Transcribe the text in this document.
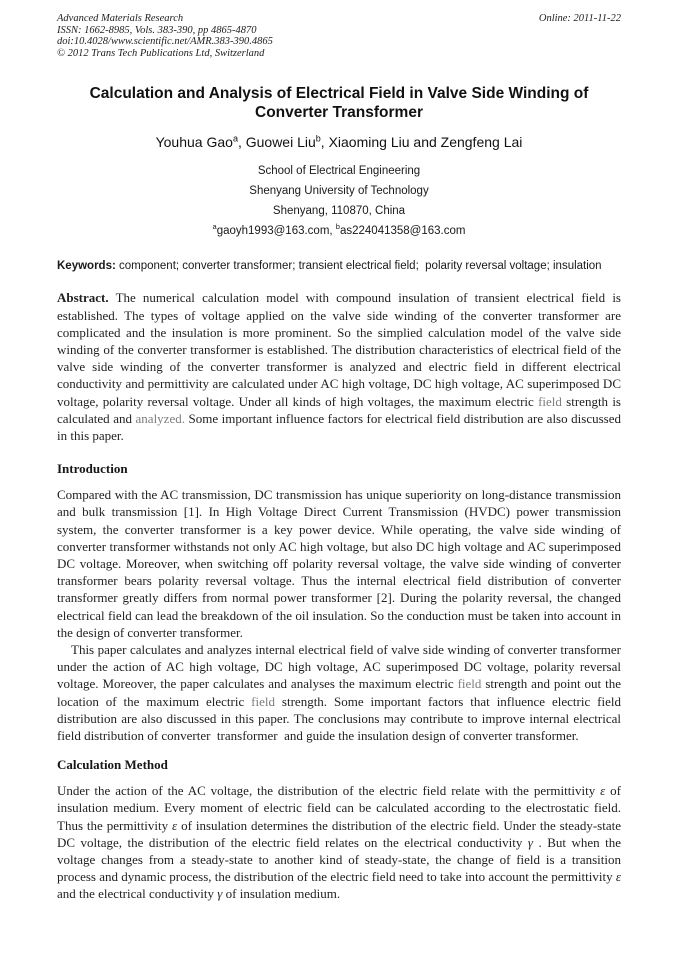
Advanced Materials Research
ISSN: 1662-8985, Vols. 383-390, pp 4865-4870
doi:10.4028/www.scientific.net/AMR.383-390.4865
© 2012 Trans Tech Publications Ltd, Switzerland
Online: 2011-11-22
Calculation and Analysis of Electrical Field in Valve Side Winding of Converter Transformer
Youhua Gao$^a$, Guowei Liu$^b$, Xiaoming Liu and Zengfeng Lai
School of Electrical Engineering
Shenyang University of Technology
Shenyang, 110870, China
$^a$gaoyh1993@163.com, $^b$as224041358@163.com

Keywords: component; converter transformer; transient electrical field;  polarity reversal voltage; insulation

Abstract. The numerical calculation model with compound insulation of transient electrical field is established. The types of voltage applied on the valve side winding of the converter transformer are complicated and the insulation is more prominent. So the simplied calculation model of the valve side winding of the converter transformer is established. The distribution characteristics of electrical field of the valve side winding of the converter transformer is analyzed and electric field in different electrical conductivity and permittivity are calculated under AC high voltage, DC high voltage, AC superimposed DC voltage, polarity reversal voltage. Under all kinds of high voltages, the maximum electric field strength is calculated and analyzed. Some important influence factors for electrical field distribution are also discussed in this paper.

Introduction

Compared with the AC transmission, DC transmission has unique superiority on long-distance transmission and bulk transmission [1]. In High Voltage Direct Current Transmission (HVDC) power transmission system, the converter transformer is a key power device. While operating, the valve side winding of converter transformer withstands not only AC high voltage, but also DC high voltage and AC superimposed DC voltage. Moreover, when switching off polarity reversal voltage, the valve side winding of converter transformer bears polarity reversal voltage. Thus the internal electrical field distribution of converter transformer greatly differs from normal power transformer [2]. During the polarity reversal, the changed electrical field can lead the breakdown of the oil insulation. So the conduction must be taken into account in the design of converter transformer.

This paper calculates and analyzes internal electrical field of valve side winding of converter transformer under the action of AC high voltage, DC high voltage, AC superimposed DC voltage, polarity reversal voltage. Moreover, the paper calculates and analyses the maximum electric field strength and point out the location of the maximum electric field strength. Some important factors that influence electric field distribution are also discussed in this paper. The conclusions may contribute to improve internal electrical field distribution of converter  transformer  and guide the insulation design of converter transformer.

Calculation Method

Under the action of the AC voltage, the distribution of the electric field relate with the permittivity ε of insulation medium. Every moment of electric field can be calculated according to the electrostatic field. Thus the permittivity ε of insulation determines the distribution of the electric field. Under the steady-state DC voltage, the distribution of the electric field relates on the electrical conductivity γ . But when the voltage changes from a steady-state to another kind of steady-state, the change of field is a transition process and dynamic process, the distribution of the electric field need to take into account the permittivity ε and the electrical conductivity γ of insulation medium.
